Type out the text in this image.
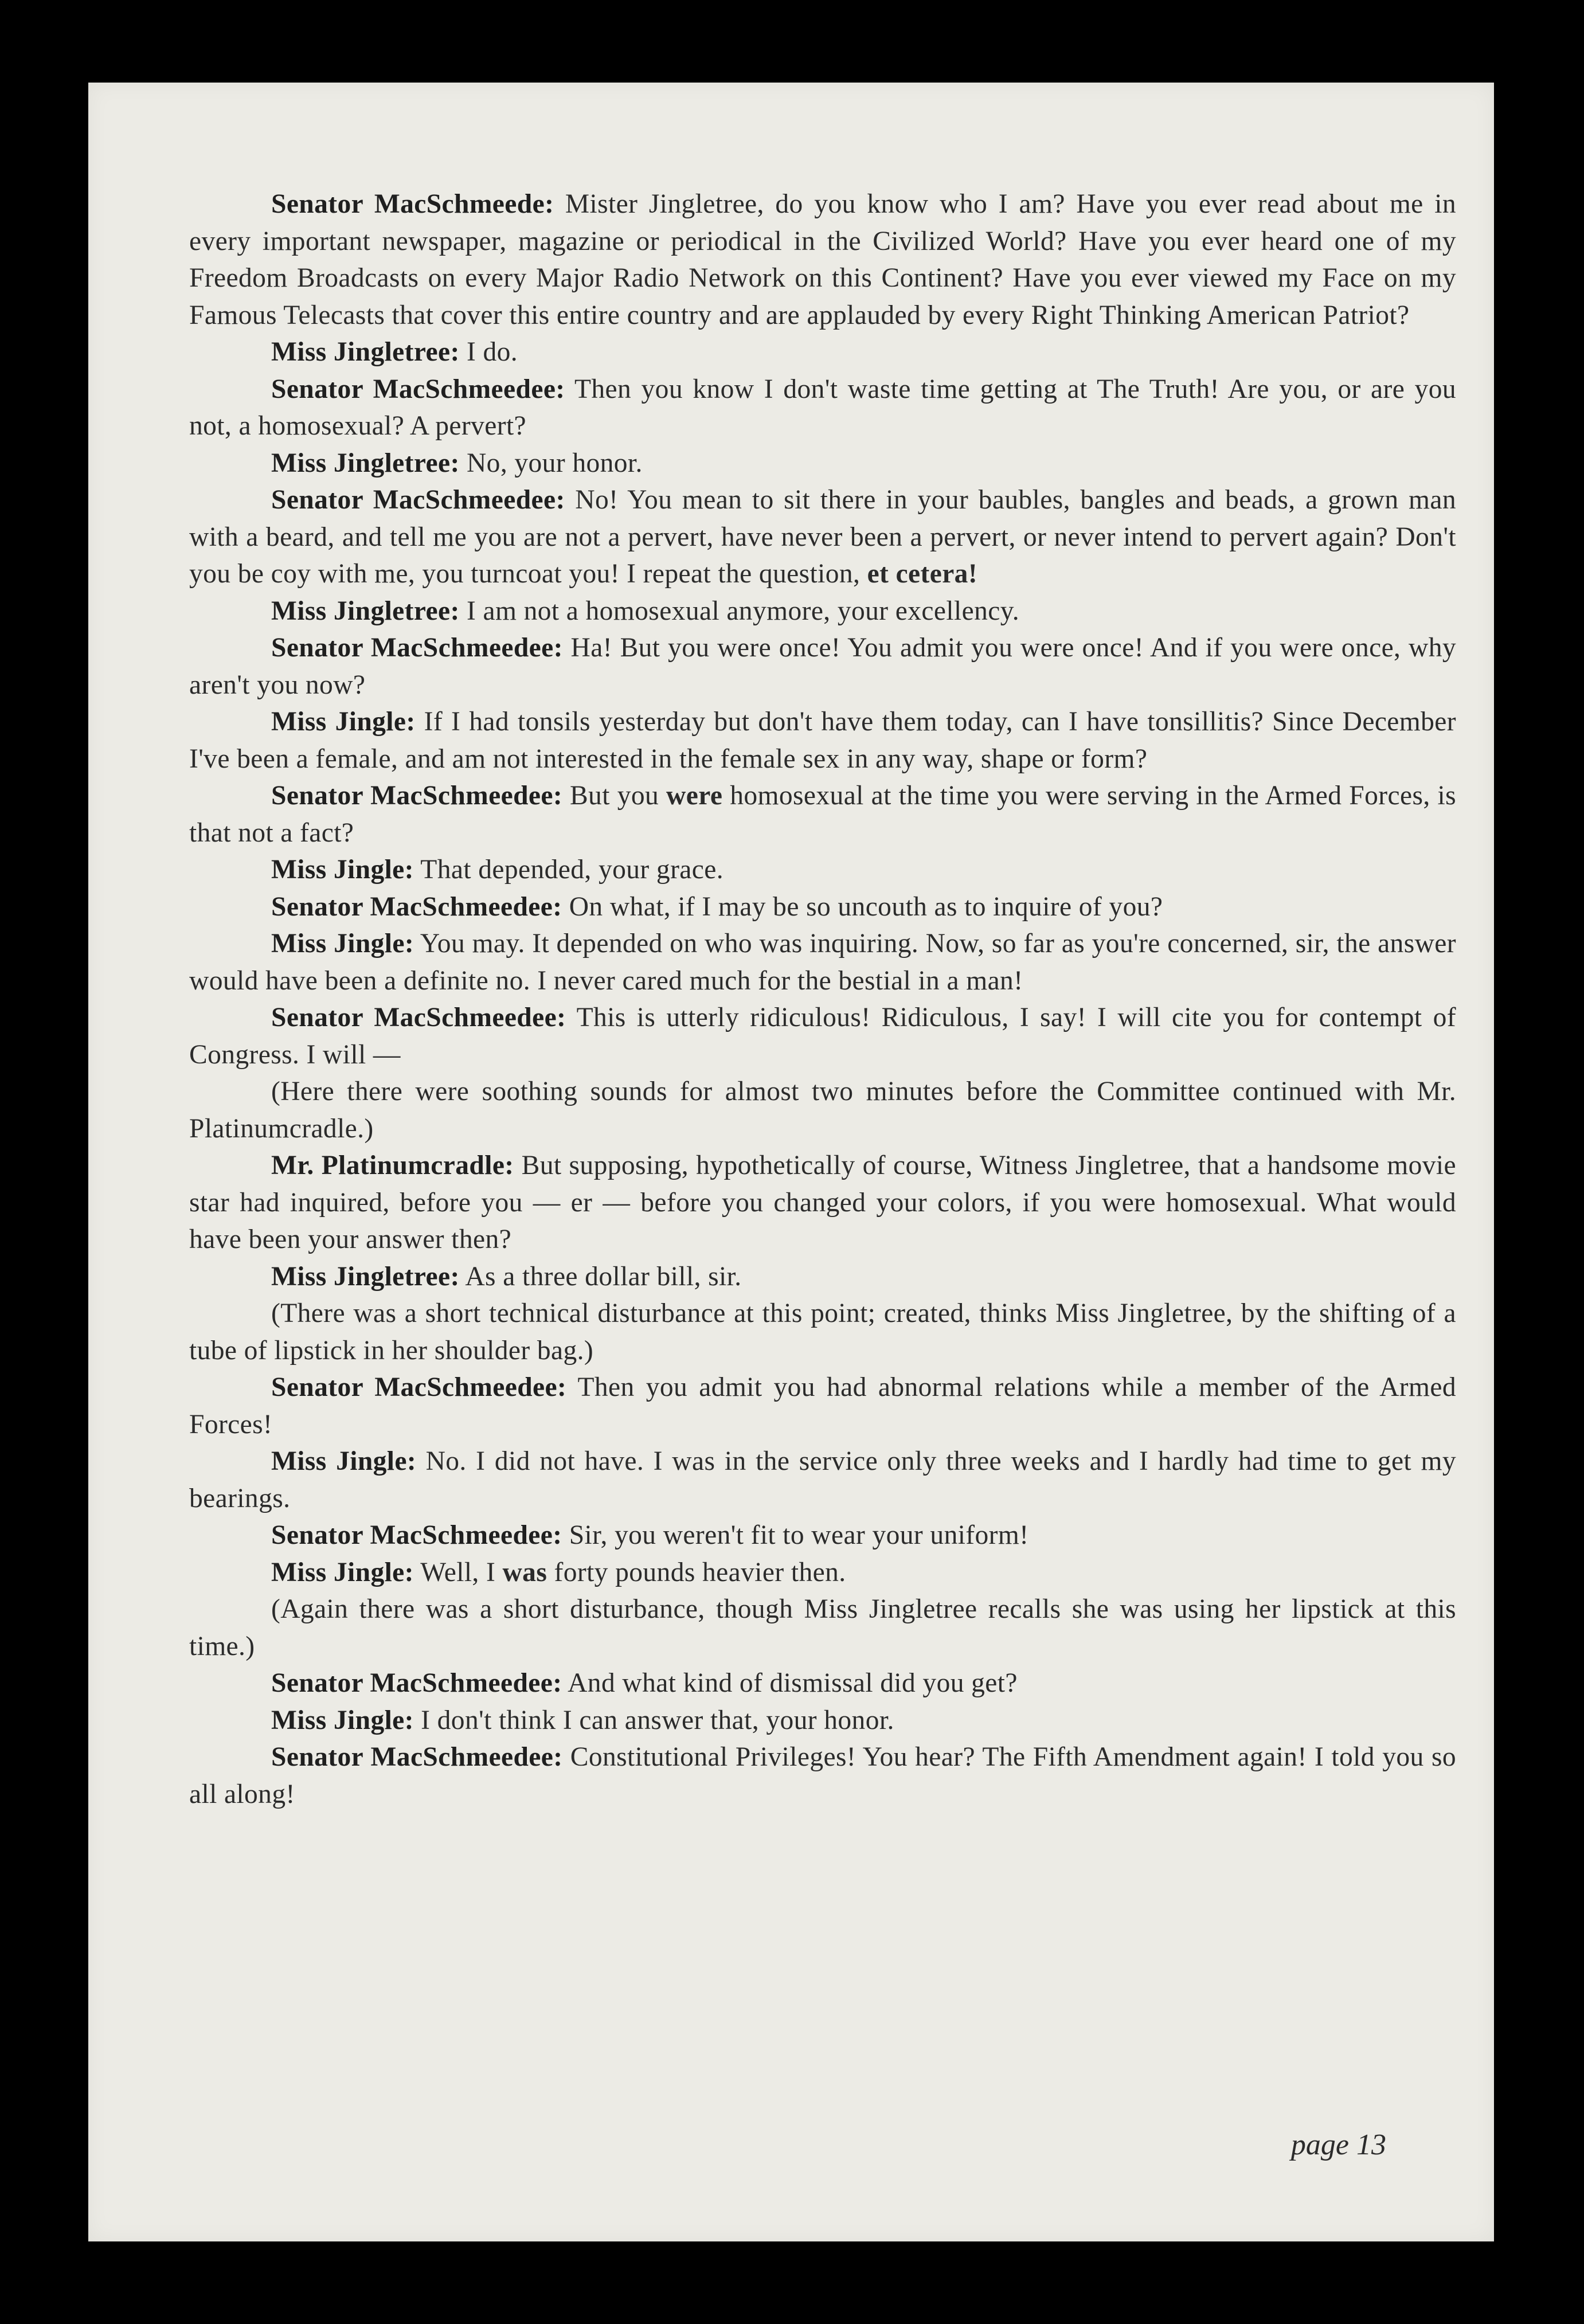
Senator MacSchmeede: Mister Jingletree, do you know who I am? Have you ever read about me in every important newspaper, magazine or periodical in the Civilized World? Have you ever heard one of my Freedom Broadcasts on every Major Radio Network on this Continent? Have you ever viewed my Face on my Famous Telecasts that cover this entire country and are applauded by every Right Thinking American Patriot?

Miss Jingletree: I do.

Senator MacSchmeedee: Then you know I don't waste time getting at The Truth! Are you, or are you not, a homosexual? A pervert?

Miss Jingletree: No, your honor.

Senator MacSchmeedee: No! You mean to sit there in your baubles, bangles and beads, a grown man with a beard, and tell me you are not a pervert, have never been a pervert, or never intend to pervert again? Don't you be coy with me, you turncoat you! I repeat the question, et cetera!

Miss Jingletree: I am not a homosexual anymore, your excellency.

Senator MacSchmeedee: Ha! But you were once! You admit you were once! And if you were once, why aren't you now?

Miss Jingle: If I had tonsils yesterday but don't have them today, can I have tonsillitis? Since December I've been a female, and am not interested in the female sex in any way, shape or form?

Senator MacSchmeedee: But you were homosexual at the time you were serving in the Armed Forces, is that not a fact?

Miss Jingle: That depended, your grace.

Senator MacSchmeedee: On what, if I may be so uncouth as to inquire of you?

Miss Jingle: You may. It depended on who was inquiring. Now, so far as you're concerned, sir, the answer would have been a definite no. I never cared much for the bestial in a man!

Senator MacSchmeedee: This is utterly ridiculous! Ridiculous, I say! I will cite you for contempt of Congress. I will —

(Here there were soothing sounds for almost two minutes before the Committee continued with Mr. Platinumcradle.)

Mr. Platinumcradle: But supposing, hypothetically of course, Witness Jingletree, that a handsome movie star had inquired, before you — er — before you changed your colors, if you were homosexual. What would have been your answer then?

Miss Jingletree: As a three dollar bill, sir.

(There was a short technical disturbance at this point; created, thinks Miss Jingletree, by the shifting of a tube of lipstick in her shoulder bag.)

Senator MacSchmeedee: Then you admit you had abnormal relations while a member of the Armed Forces!

Miss Jingle: No. I did not have. I was in the service only three weeks and I hardly had time to get my bearings.

Senator MacSchmeedee: Sir, you weren't fit to wear your uniform!

Miss Jingle: Well, I was forty pounds heavier then.

(Again there was a short disturbance, though Miss Jingletree recalls she was using her lipstick at this time.)

Senator MacSchmeedee: And what kind of dismissal did you get?

Miss Jingle: I don't think I can answer that, your honor.

Senator MacSchmeedee: Constitutional Privileges! You hear? The Fifth Amendment again! I told you so all along!

page 13
